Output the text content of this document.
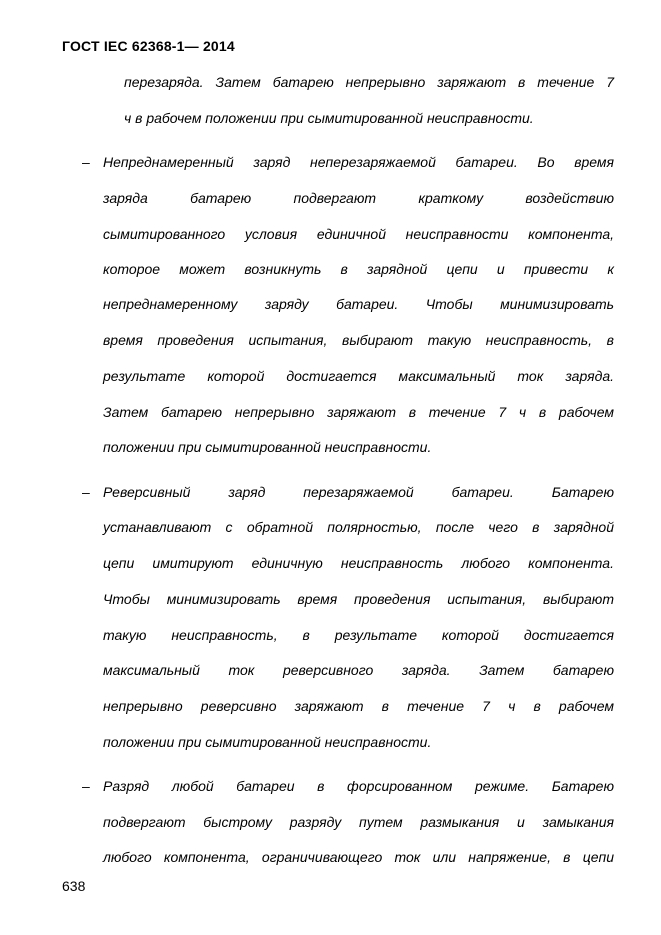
ГОСТ IEC 62368-1— 2014
перезаряда. Затем батарею непрерывно заряжают в течение 7
ч в рабочем положении при сымитированной неисправности.
– Непреднамеренный заряд неперезаряжаемой батареи. Во время
заряда батарею подвергают краткому воздействию
сымитированного условия единичной неисправности компонента,
которое может возникнуть в зарядной цепи и привести к
непреднамеренному заряду батареи. Чтобы минимизировать
время проведения испытания, выбирают такую неисправность, в
результате которой достигается максимальный ток заряда.
Затем батарею непрерывно заряжают в течение 7 ч в рабочем
положении при сымитированной неисправности.
– Реверсивный заряд перезаряжаемой батареи. Батарею
устанавливают с обратной полярностью, после чего в зарядной
цепи имитируют единичную неисправность любого компонента.
Чтобы минимизировать время проведения испытания, выбирают
такую неисправность, в результате которой достигается
максимальный ток реверсивного заряда. Затем батарею
непрерывно реверсивно заряжают в течение 7 ч в рабочем
положении при сымитированной неисправности.
– Разряд любой батареи в форсированном режиме. Батарею
подвергают быстрому разряду путем размыкания и замыкания
любого компонента, ограничивающего ток или напряжение, в цепи
638
